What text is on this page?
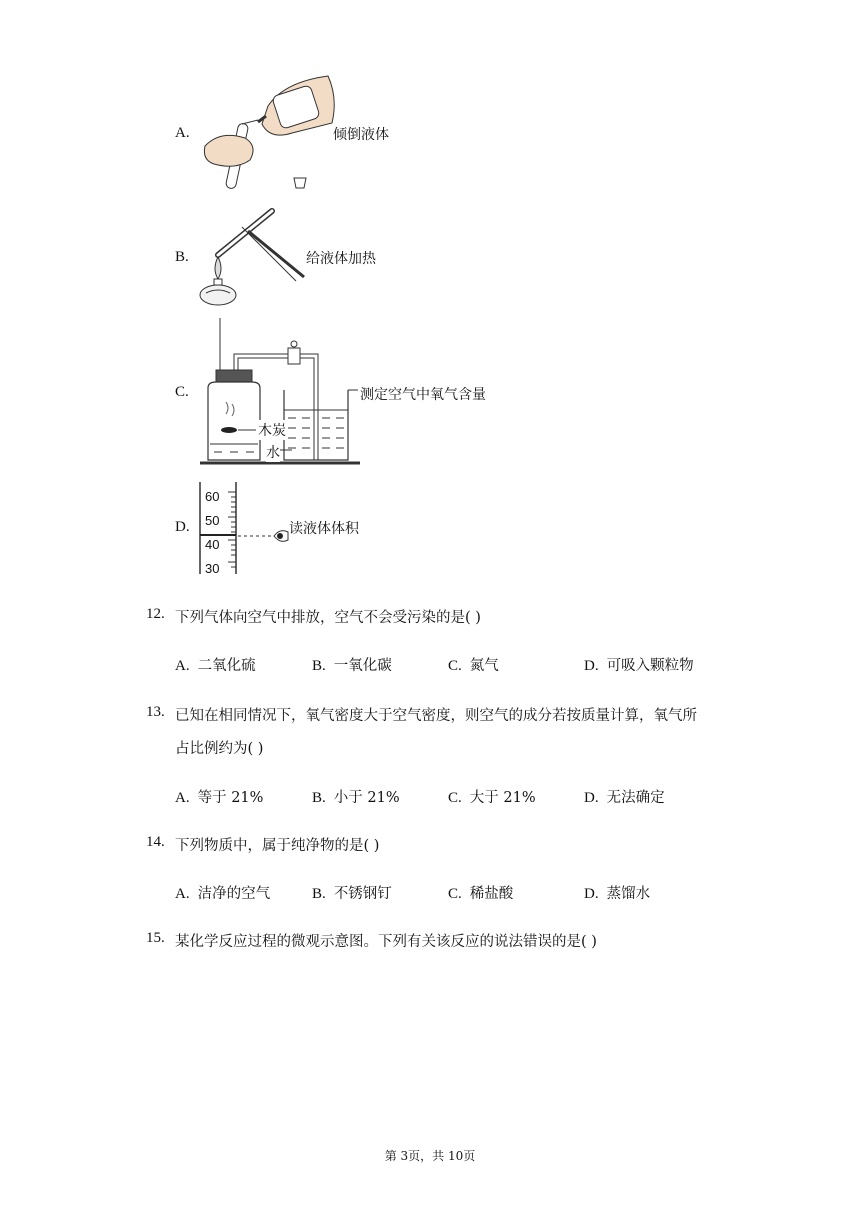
A.	倾倒液体
B.	给液体加热
C.	测定空气中氧气含量
木炭
水
D.
60
50
40
30
读液体体积
12. 下列气体向空气中排放，空气不会受污染的是( )
A. 二氧化硫	B. 一氧化碳	C. 氮气	D. 可吸入颗粒物
13. 已知在相同情况下，氧气密度大于空气密度，则空气的成分若按质量计算，氧气所
占比例约为( )
A. 等于 21%	B. 小于 21%	C. 大于 21%	D. 无法确定
14. 下列物质中，属于纯净物的是( )
A. 洁净的空气	B. 不锈钢钉	C. 稀盐酸	D. 蒸馏水
15. 某化学反应过程的微观示意图。下列有关该反应的说法错误的是( )
第 3页，共 10页
